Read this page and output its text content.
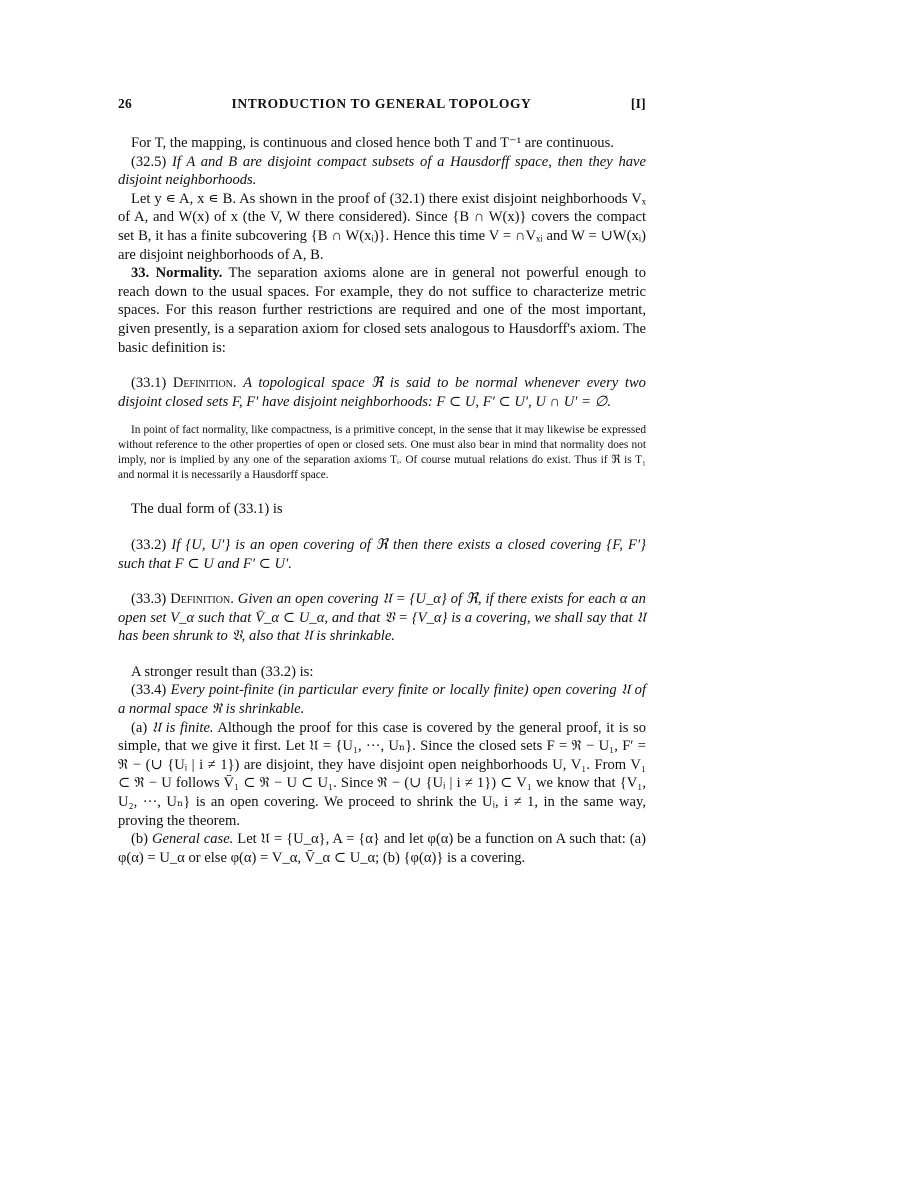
26	INTRODUCTION TO GENERAL TOPOLOGY	[I]

For T, the mapping, is continuous and closed hence both T and T⁻¹ are continuous.

(32.5) If A and B are disjoint compact subsets of a Hausdorff space, then they have disjoint neighborhoods.

Let y ∊ A, x ∊ B. As shown in the proof of (32.1) there exist disjoint neighborhoods Vₓ of A, and W(x) of x (the V, W there considered). Since {B ∩ W(x)} covers the compact set B, it has a finite subcovering {B ∩ W(xᵢ)}. Hence this time V = ∩Vₓᵢ and W = ∪W(xᵢ) are disjoint neighborhoods of A, B.

33. Normality. The separation axioms alone are in general not powerful enough to reach down to the usual spaces. For example, they do not suffice to characterize metric spaces. For this reason further restrictions are required and one of the most important, given presently, is a separation axiom for closed sets analogous to Hausdorff's axiom. The basic definition is:

(33.1) Definition. A topological space ℜ is said to be normal whenever every two disjoint closed sets F, F′ have disjoint neighborhoods: F ⊂ U, F′ ⊂ U′, U ∩ U′ = ∅.

In point of fact normality, like compactness, is a primitive concept, in the sense that it may likewise be expressed without reference to the other properties of open or closed sets. One must also bear in mind that normality does not imply, nor is implied by any one of the separation axioms Tᵢ. Of course mutual relations do exist. Thus if ℜ is T₁ and normal it is necessarily a Hausdorff space.

The dual form of (33.1) is

(33.2) If {U, U′} is an open covering of ℜ then there exists a closed covering {F, F′} such that F ⊂ U and F′ ⊂ U′.

(33.3) Definition. Given an open covering 𝔘 = {U_α} of ℜ, if there exists for each α an open set V_α such that V̄_α ⊂ U_α, and that 𝔙 = {V_α} is a covering, we shall say that 𝔘 has been shrunk to 𝔙, also that 𝔘 is shrinkable.

A stronger result than (33.2) is:

(33.4) Every point-finite (in particular every finite or locally finite) open covering 𝔘 of a normal space ℜ is shrinkable.

(a) 𝔘 is finite. Although the proof for this case is covered by the general proof, it is so simple, that we give it first. Let 𝔘 = {U₁, ···, Uₙ}. Since the closed sets F = ℜ − U₁, F′ = ℜ − (∪ {Uᵢ | i ≠ 1}) are disjoint, they have disjoint open neighborhoods U, V₁. From V₁ ⊂ ℜ − U follows V̄₁ ⊂ ℜ − U ⊂ U₁. Since ℜ − (∪ {Uᵢ | i ≠ 1}) ⊂ V₁ we know that {V₁, U₂, ···, Uₙ} is an open covering. We proceed to shrink the Uᵢ, i ≠ 1, in the same way, proving the theorem.

(b) General case. Let 𝔘 = {U_α}, A = {α} and let φ(α) be a function on A such that: (a) φ(α) = U_α or else φ(α) = V_α, V̄_α ⊂ U_α; (b) {φ(α)} is a covering.
